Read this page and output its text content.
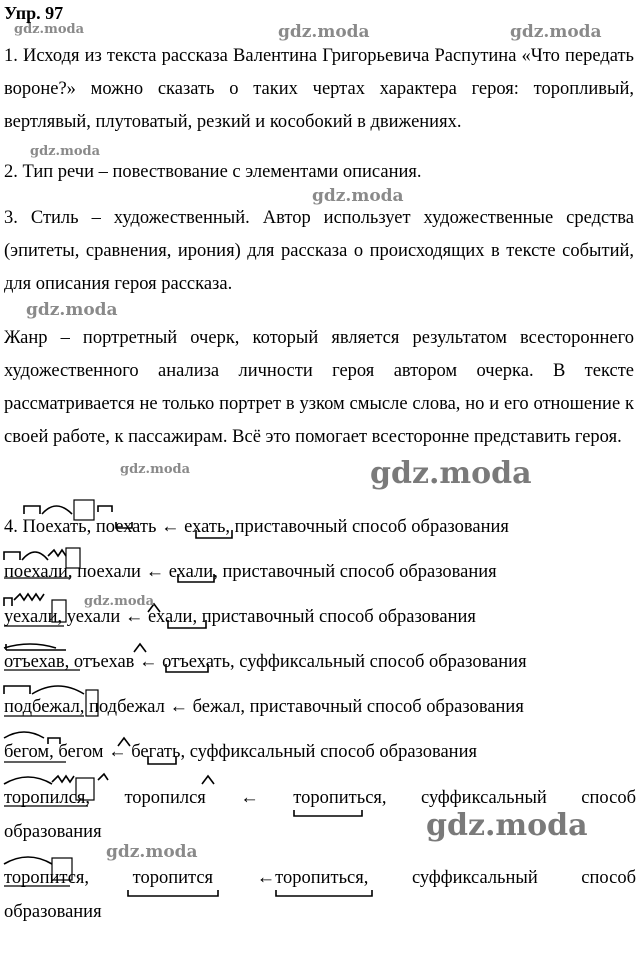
Упр. 97
1. Исходя из текста рассказа Валентина Григорьевича Распутина «Что передать вороне?» можно сказать о таких чертах характера героя: торопливый, вертлявый, плутоватый, резкий и кособокий в движениях.
2. Тип речи – повествование с элементами описания.
3. Стиль – художественный. Автор использует художественные средства (эпитеты, сравнения, ирония) для рассказа о происходящих в тексте событий, для описания героя рассказа.
Жанр – портретный очерк, который является результатом всестороннего художественного анализа личности героя автором очерка. В тексте рассматривается не только портрет в узком смысле слова, но и его отношение к своей работе, к пассажирам. Всё это помогает всесторонне представить героя.
4. Поехать, поехать ← ехать, приставочный способ образования
поехали, поехали ← ехали, приставочный способ образования
уехали, уехали ← ехали, приставочный способ образования
отъехав, отъехав ← отъехать, суффиксальный способ образования
подбежал, подбежал ← бежал, приставочный способ образования
бегом, бегом ← бегать, суффиксальный способ образования
торопился, торопился ← торопиться, суффиксальный способ
образования
торопится, торопится ←торопиться, суффиксальный способ
образования
gdz.moda	gdz.moda	gdz.moda
gdz.moda
gdz.moda
gdz.moda
gdz.moda	gdz.moda
gdz.moda
gdz.moda
gdz.moda
